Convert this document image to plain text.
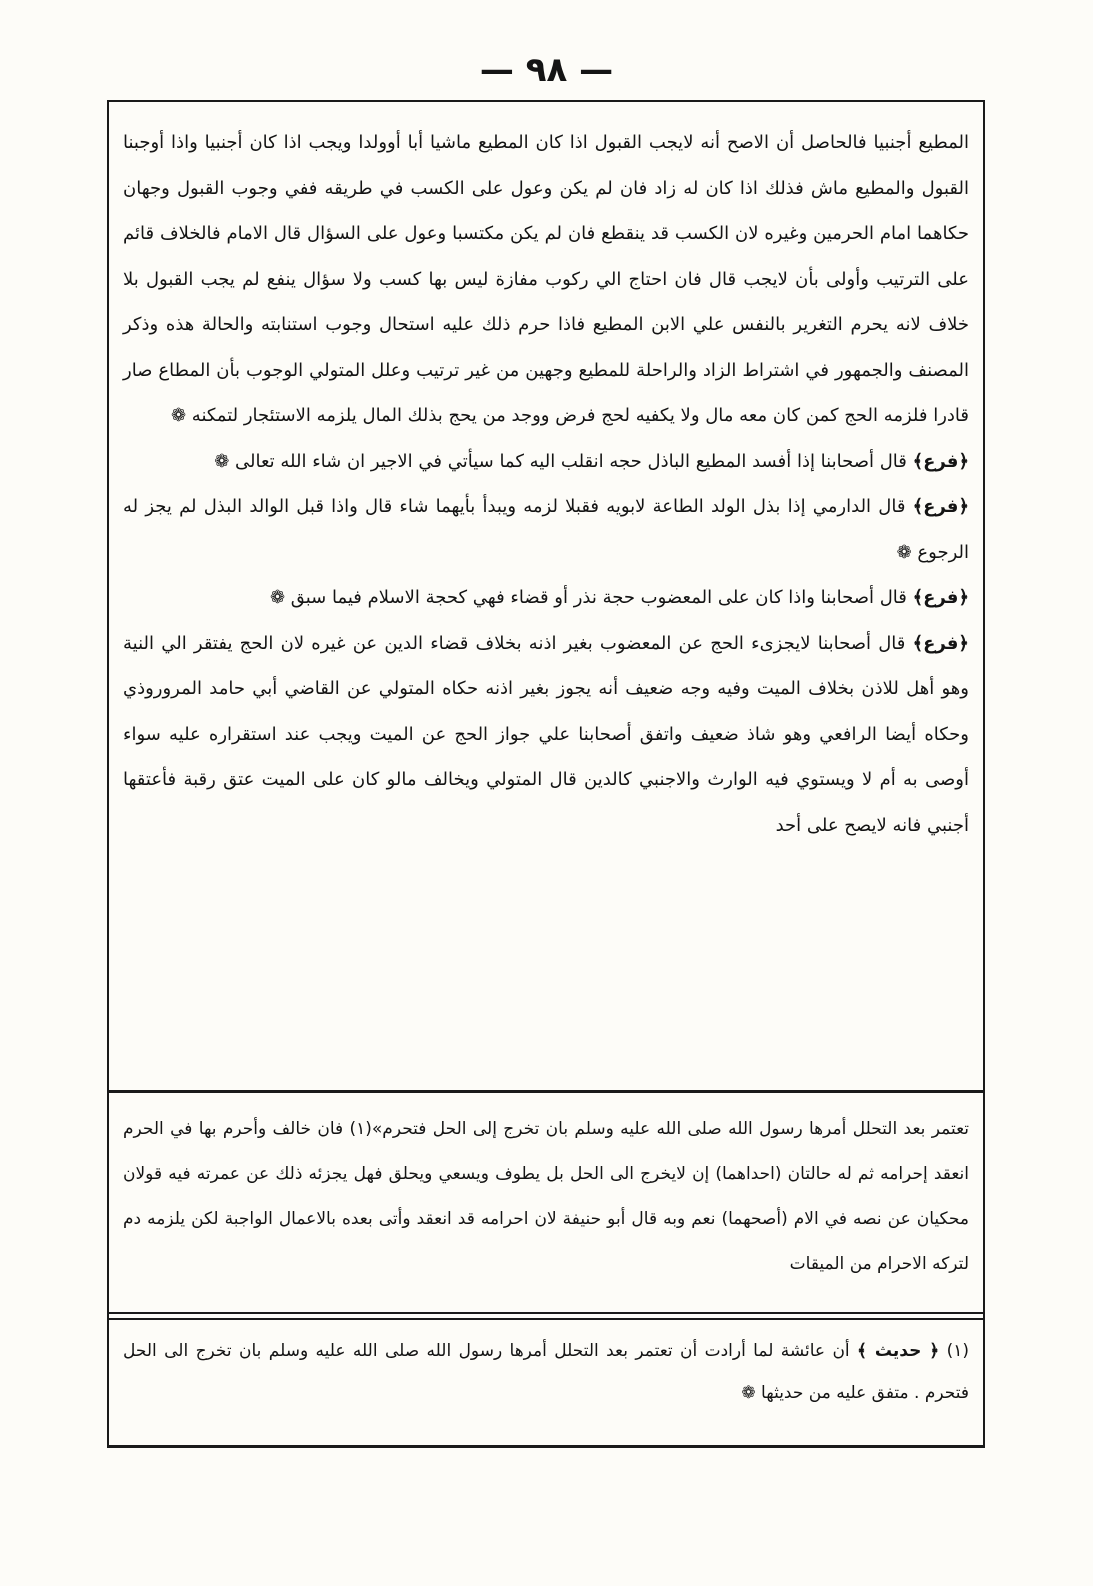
— ٩٨ —

المطيع أجنبيا فالحاصل أن الاصح أنه لايجب القبول اذا كان المطيع ماشيا أبا أوولدا ويجب اذا كان أجنبيا واذا أوجبنا القبول والمطيع ماش فذلك اذا كان له زاد فان لم يكن وعول على الكسب في طريقه ففي وجوب القبول وجهان حكاهما امام الحرمين وغيره لان الكسب قد ينقطع فان لم يكن مكتسبا وعول على السؤال قال الامام فالخلاف قائم على الترتيب وأولى بأن لايجب قال فان احتاج الي ركوب مفازة ليس بها كسب ولا سؤال ينفع لم يجب القبول بلا خلاف لانه يحرم التغرير بالنفس علي الابن المطيع فاذا حرم ذلك عليه استحال وجوب استنابته والحالة هذه وذكر المصنف والجمهور في اشتراط الزاد والراحلة للمطيع وجهين من غير ترتيب وعلل المتولي الوجوب بأن المطاع صار قادرا فلزمه الحج كمن كان معه مال ولا يكفيه لحج فرض ووجد من يحج بذلك المال يلزمه الاستئجار لتمكنه ❁

﴿فرع﴾ قال أصحابنا إذا أفسد المطيع الباذل حجه انقلب اليه كما سيأتي في الاجير ان شاء الله تعالى ❁

﴿فرع﴾ قال الدارمي إذا بذل الولد الطاعة لابويه فقبلا لزمه ويبدأ بأيهما شاء قال واذا قبل الوالد البذل لم يجز له الرجوع ❁

﴿فرع﴾ قال أصحابنا واذا كان على المعضوب حجة نذر أو قضاء فهي كحجة الاسلام فيما سبق ❁

﴿فرع﴾ قال أصحابنا لايجزىء الحج عن المعضوب بغير اذنه بخلاف قضاء الدين عن غيره لان الحج يفتقر الي النية وهو أهل للاذن بخلاف الميت وفيه وجه ضعيف أنه يجوز بغير اذنه حكاه المتولي عن القاضي أبي حامد المروروذي وحكاه أيضا الرافعي وهو شاذ ضعيف واتفق أصحابنا علي جواز الحج عن الميت ويجب عند استقراره عليه سواء أوصى به أم لا ويستوي فيه الوارث والاجنبي كالدين قال المتولي ويخالف مالو كان على الميت عتق رقبة فأعتقها أجنبي فانه لايصح على أحد

تعتمر بعد التحلل أمرها رسول الله صلى الله عليه وسلم بان تخرج إلى الحل فتحرم»(١) فان خالف وأحرم بها في الحرم انعقد إحرامه ثم له حالتان (احداهما) إن لايخرج الى الحل بل يطوف ويسعي ويحلق فهل يجزئه ذلك عن عمرته فيه قولان محكيان عن نصه في الام (أصحهما) نعم وبه قال أبو حنيفة لان احرامه قد انعقد وأتى بعده بالاعمال الواجبة لكن يلزمه دم لتركه الاحرام من الميقات

(١) ﴿ حديث ﴾ أن عائشة لما أرادت أن تعتمر بعد التحلل أمرها رسول الله صلى الله عليه وسلم بان تخرج الى الحل فتحرم . متفق عليه من حديثها ❁
